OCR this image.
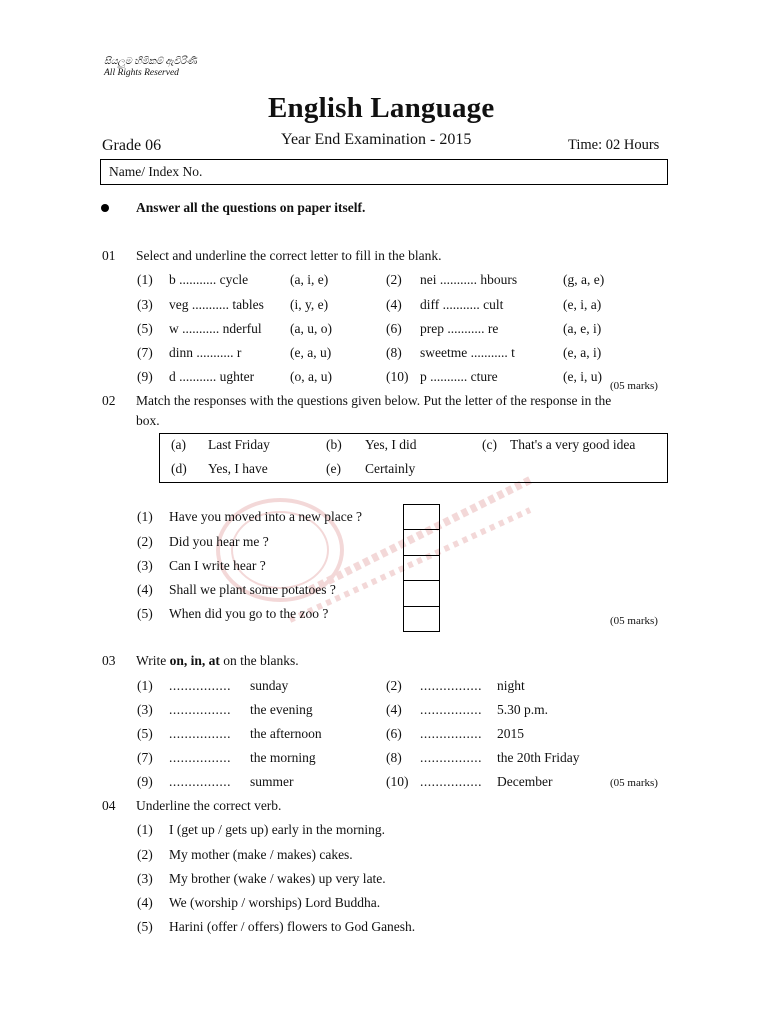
සියලුම හිමිකම් ඇවිරිණි
All Rights Reserved
English Language
Grade 06	Year End Examination - 2015	Time: 02 Hours
Name/ Index No.
Answer all the questions on paper itself.
01 Select and underline the correct letter to fill in the blank.
(1) b ........... cycle	(a, i, e)	(2) nei ........... hbours	(g, a, e)
(3) veg ........... tables (i, y, e)	(4) diff ........... cult	(e, i, a)
(5) w ........... nderful (a, u, o)	(6) prep ........... re	(a, e, i)
(7) dinn ........... r	(e, a, u)	(8) sweetme ........... t	(e, a, i)
(9) d ........... ughter	(o, a, u)	(10) p ........... cture	(e, i, u)
(05 marks)
02 Match the responses with the questions given below. Put the letter of the response in the
box.
(a) Last Friday	(b) Yes, I did	(c) That's a very good idea
(d) Yes, I have	(e) Certainly
(1) Have you moved into a new place ?
(2) Did you hear me ?
(3) Can I write hear ?
(4) Shall we plant some potatoes ?
(5) When did you go to the zoo ?	(05 marks)
03 Write on, in, at on the blanks.
(1) ................ sunday	(2) ................ night
(3) ................ the evening	(4) ................ 5.30 p.m.
(5) ................ the afternoon	(6) ................ 2015
(7) ................ the morning	(8) ................ the 20th Friday
(9) ................ summer	(10) ................ December	(05 marks)
04 Underline the correct verb.
(1) I (get up / gets up) early in the morning.
(2) My mother (make / makes) cakes.
(3) My brother (wake / wakes) up very late.
(4) We (worship / worships) Lord Buddha.
(5) Harini (offer / offers) flowers to God Ganesh.
